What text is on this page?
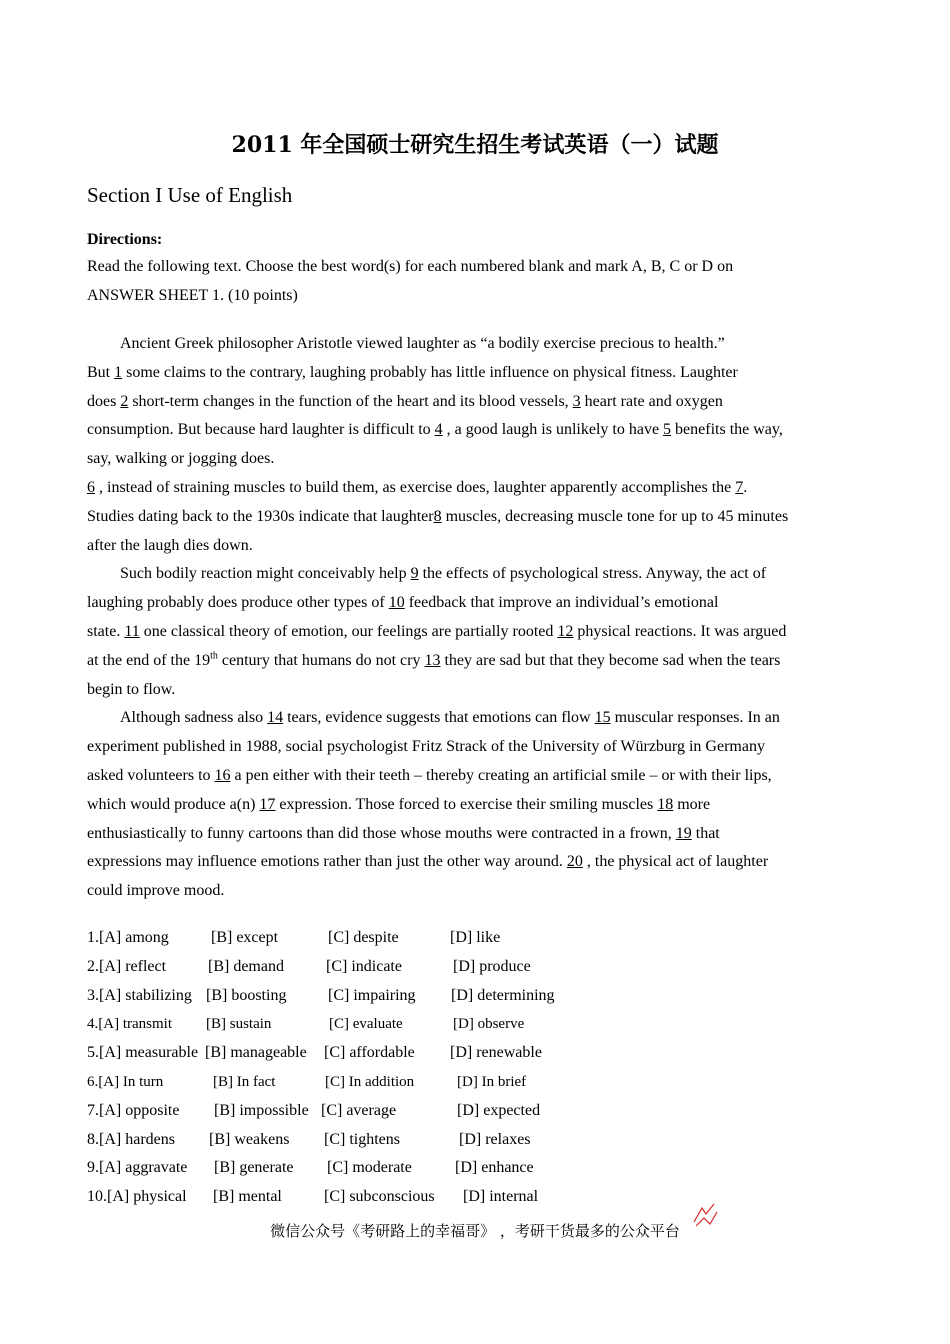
2011 年全国硕士研究生招生考试英语（一）试题
Section I Use of English
Directions:
Read the following text. Choose the best word(s) for each numbered blank and mark A, B, C or D on
ANSWER SHEET 1. (10 points)

Ancient Greek philosopher Aristotle viewed laughter as “a bodily exercise precious to health.”
But 1 some claims to the contrary, laughing probably has little influence on physical fitness. Laughter
does 2 short-term changes in the function of the heart and its blood vessels, 3 heart rate and oxygen
consumption. But because hard laughter is difficult to 4 , a good laugh is unlikely to have 5 benefits the way,
say, walking or jogging does.

6 , instead of straining muscles to build them, as exercise does, laughter apparently accomplishes the 7.
Studies dating back to the 1930s indicate that laughter8 muscles, decreasing muscle tone for up to 45 minutes
after the laugh dies down.

Such bodily reaction might conceivably help 9 the effects of psychological stress. Anyway, the act of
laughing probably does produce other types of 10 feedback that improve an individual’s emotional
state. 11 one classical theory of emotion, our feelings are partially rooted 12 physical reactions. It was argued
at the end of the 19th century that humans do not cry 13 they are sad but that they become sad when the tears
begin to flow.

Although sadness also 14 tears, evidence suggests that emotions can flow 15 muscular responses. In an
experiment published in 1988, social psychologist Fritz Strack of the University of Würzburg in Germany
asked volunteers to 16 a pen either with their teeth – thereby creating an artificial smile – or with their lips,
which would produce a(n) 17 expression. Those forced to exercise their smiling muscles 18 more
enthusiastically to funny cartoons than did those whose mouths were contracted in a frown, 19 that
expressions may influence emotions rather than just the other way around. 20 , the physical act of laughter
could improve mood.

1.[A] among	[B] except	[C] despite	[D] like
2.[A] reflect	[B] demand	[C] indicate	[D] produce
3.[A] stabilizing [B] boosting	[C] impairing [D] determining
4.[A] transmit [B] sustain	[C] evaluate	[D] observe
5.[A] measurable [B] manageable [C] affordable [D] renewable
6.[A] In turn	[B] In fact	[C] In addition	[D] In brief
7.[A] opposite [B] impossible [C] average	[D] expected
8.[A] hardens [B] weakens [C] tightens	[D] relaxes
9.[A] aggravate [B] generate [C] moderate	[D] enhance
10.[A] physical [B] mental	[C] subconscious [D] internal
微信公众号《考研路上的幸福哥》 ，考研干货最多的公众平台
